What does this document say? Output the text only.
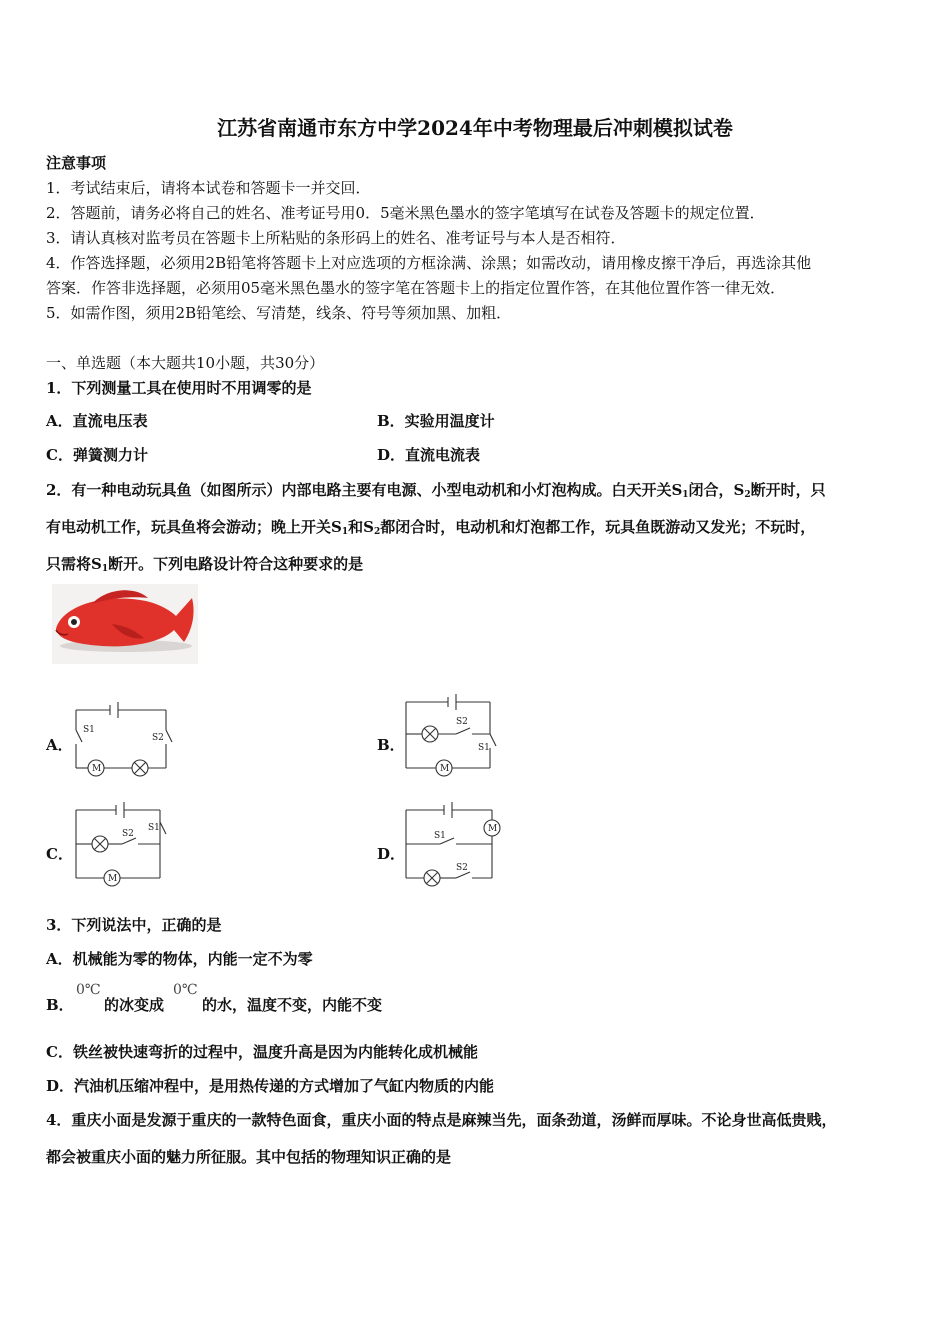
江苏省南通市东方中学2024年中考物理最后冲刺模拟试卷
注意事项
1．考试结束后，请将本试卷和答题卡一并交回．
2．答题前，请务必将自己的姓名、准考证号用0．5毫米黑色墨水的签字笔填写在试卷及答题卡的规定位置．
3．请认真核对监考员在答题卡上所粘贴的条形码上的姓名、准考证号与本人是否相符．
4．作答选择题，必须用2B铅笔将答题卡上对应选项的方框涂满、涂黑；如需改动，请用橡皮擦干净后，再选涂其他
答案．作答非选择题，必须用05毫米黑色墨水的签字笔在答题卡上的指定位置作答，在其他位置作答一律无效．
5．如需作图，须用2B铅笔绘、写清楚，线条、符号等须加黑、加粗．
一、单选题（本大题共10小题，共30分）
1．下列测量工具在使用时不用调零的是
A．直流电压表	B．实验用温度计
C．弹簧测力计	D．直流电流表
2．有一种电动玩具鱼（如图所示）内部电路主要有电源、小型电动机和小灯泡构成。白天开关$S_1$闭合，$S_2$断开时，只
有电动机工作，玩具鱼将会游动；晚上开关$S_1$和$S_2$都闭合时，电动机和灯泡都工作，玩具鱼既游动又发光；不玩时，
只需将$S_1$断开。下列电路设计符合这种要求的是
A．	B．
C．	D．
S1
S2
M
S2
S1
M
S2
S1
M
S1
S2
M
3．下列说法中，正确的是
A．机械能为零的物体，内能一定不为零
B．
0℃
的冰变成
0℃
的水，温度不变，内能不变
C．铁丝被快速弯折的过程中，温度升高是因为内能转化成机械能
D．汽油机压缩冲程中，是用热传递的方式增加了气缸内物质的内能
4．重庆小面是发源于重庆的一款特色面食，重庆小面的特点是麻辣当先，面条劲道，汤鲜而厚味。不论身世高低贵贱，
都会被重庆小面的魅力所征服。其中包括的物理知识正确的是
